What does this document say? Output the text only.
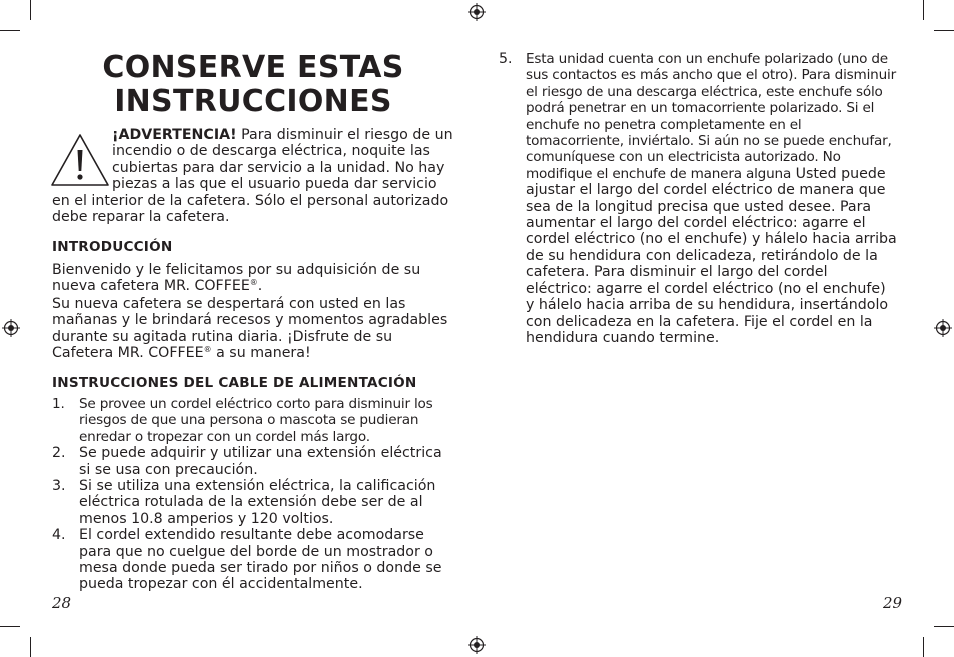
CONSERVE ESTAS INSTRUCCIONES

¡ADVERTENCIA! Para disminuir el riesgo de un incendio o de descarga eléctrica, noquite las cubiertas para dar servicio a la unidad. No hay piezas a las que el usuario pueda dar servicio en el interior de la cafetera. Sólo el personal autorizado debe reparar la cafetera.

INTRODUCCIÓN

Bienvenido y le felicitamos por su adquisición de su nueva cafetera MR. COFFEE®.

Su nueva cafetera se despertará con usted en las mañanas y le brindará recesos y momentos agradables durante su agitada rutina diaria. ¡Disfrute de su Cafetera MR. COFFEE® a su manera!

INSTRUCCIONES DEL CABLE DE ALIMENTACIÓN
1. Se provee un cordel eléctrico corto para disminuir los riesgos de que una persona o mascota se pudieran enredar o tropezar con un cordel más largo.
2. Se puede adquirir y utilizar una extensión eléctrica si se usa con precaución.
3. Si se utiliza una extensión eléctrica, la calificación eléctrica rotulada de la extensión debe ser de al menos 10.8 amperios y 120 voltios.
4. El cordel extendido resultante debe acomodarse para que no cuelgue del borde de un mostrador o mesa donde pueda ser tirado por niños o donde se pueda tropezar con él accidentalmente.
28
5. Esta unidad cuenta con un enchufe polarizado (uno de sus contactos es más ancho que el otro). Para disminuir el riesgo de una descarga eléctrica, este enchufe sólo podrá penetrar en un tomacorriente polarizado. Si el enchufe no penetra completamente en el tomacorriente, inviértalo. Si aún no se puede enchufar, comuníquese con un electricista autorizado. No modifique el enchufe de manera alguna Usted puede ajustar el largo del cordel eléctrico de manera que sea de la longitud precisa que usted desee. Para aumentar el largo del cordel eléctrico: agarre el cordel eléctrico (no el enchufe) y hálelo hacia arriba de su hendidura con delicadeza, retirándolo de la cafetera. Para disminuir el largo del cordel eléctrico: agarre el cordel eléctrico (no el enchufe) y hálelo hacia arriba de su hendidura, insertándolo con delicadeza en la cafetera. Fije el cordel en la hendidura cuando termine.
29
